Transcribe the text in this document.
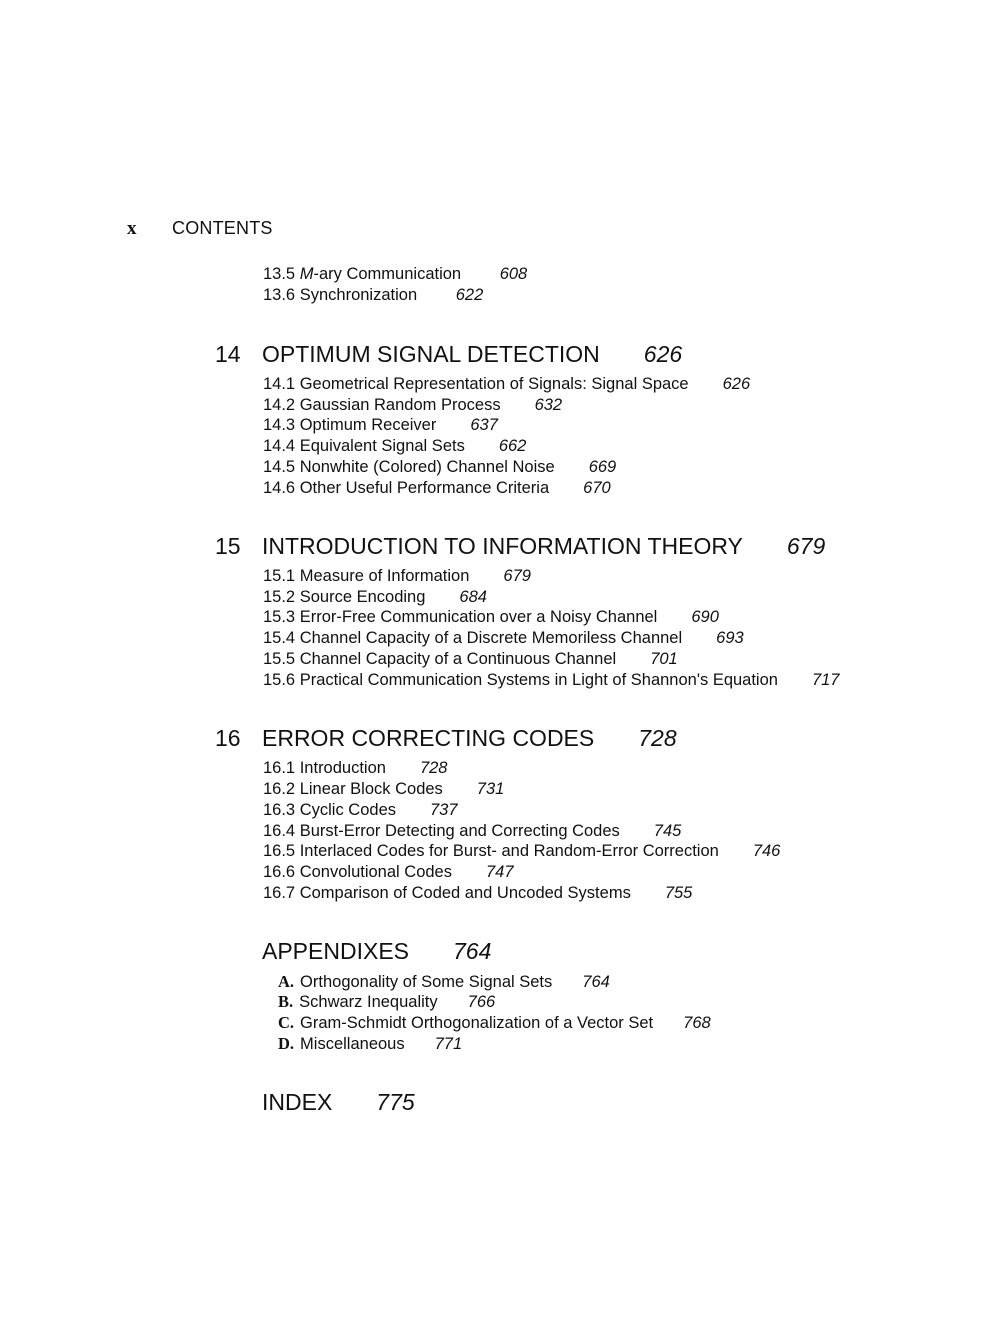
x CONTENTS
13.5 M-ary Communication 608
13.6 Synchronization 622
14 OPTIMUM SIGNAL DETECTION 626
14.1 Geometrical Representation of Signals: Signal Space 626
14.2 Gaussian Random Process 632
14.3 Optimum Receiver 637
14.4 Equivalent Signal Sets 662
14.5 Nonwhite (Colored) Channel Noise 669
14.6 Other Useful Performance Criteria 670
15 INTRODUCTION TO INFORMATION THEORY 679
15.1 Measure of Information 679
15.2 Source Encoding 684
15.3 Error-Free Communication over a Noisy Channel 690
15.4 Channel Capacity of a Discrete Memoriless Channel 693
15.5 Channel Capacity of a Continuous Channel 701
15.6 Practical Communication Systems in Light of Shannon's Equation 717
16 ERROR CORRECTING CODES 728
16.1 Introduction 728
16.2 Linear Block Codes 731
16.3 Cyclic Codes 737
16.4 Burst-Error Detecting and Correcting Codes 745
16.5 Interlaced Codes for Burst- and Random-Error Correction 746
16.6 Convolutional Codes 747
16.7 Comparison of Coded and Uncoded Systems 755
APPENDIXES 764
A. Orthogonality of Some Signal Sets 764
B. Schwarz Inequality 766
C. Gram-Schmidt Orthogonalization of a Vector Set 768
D. Miscellaneous 771
INDEX 775
